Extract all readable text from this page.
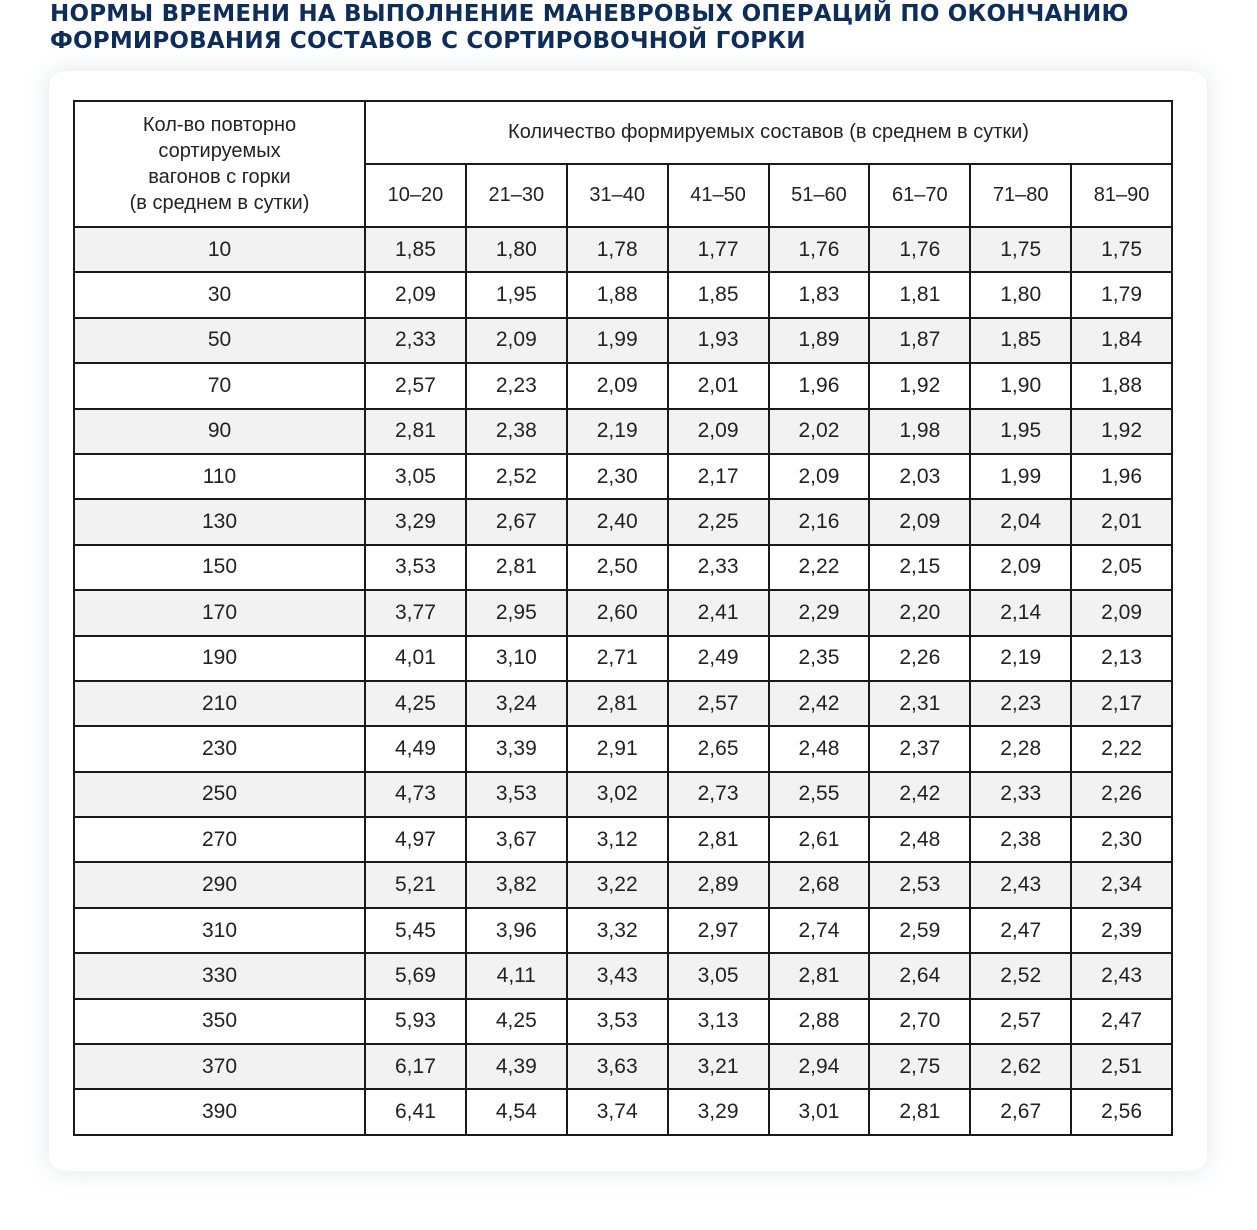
НОРМЫ ВРЕМЕНИ НА ВЫПОЛНЕНИЕ МАНЕВРОВЫХ ОПЕРАЦИЙ ПО ОКОНЧАНИЮ
ФОРМИРОВАНИЯ СОСТАВОВ С СОРТИРОВОЧНОЙ ГОРКИ
Кол-во повторно
сортируемых
вагонов с горки
(в среднем в сутки)	Количество формируемых составов (в среднем в сутки)							
	10–20	21–30	31–40	41–50	51–60	61–70	71–80	81–90
10	1,85	1,80	1,78	1,77	1,76	1,76	1,75	1,75
30	2,09	1,95	1,88	1,85	1,83	1,81	1,80	1,79
50	2,33	2,09	1,99	1,93	1,89	1,87	1,85	1,84
70	2,57	2,23	2,09	2,01	1,96	1,92	1,90	1,88
90	2,81	2,38	2,19	2,09	2,02	1,98	1,95	1,92
110	3,05	2,52	2,30	2,17	2,09	2,03	1,99	1,96
130	3,29	2,67	2,40	2,25	2,16	2,09	2,04	2,01
150	3,53	2,81	2,50	2,33	2,22	2,15	2,09	2,05
170	3,77	2,95	2,60	2,41	2,29	2,20	2,14	2,09
190	4,01	3,10	2,71	2,49	2,35	2,26	2,19	2,13
210	4,25	3,24	2,81	2,57	2,42	2,31	2,23	2,17
230	4,49	3,39	2,91	2,65	2,48	2,37	2,28	2,22
250	4,73	3,53	3,02	2,73	2,55	2,42	2,33	2,26
270	4,97	3,67	3,12	2,81	2,61	2,48	2,38	2,30
290	5,21	3,82	3,22	2,89	2,68	2,53	2,43	2,34
310	5,45	3,96	3,32	2,97	2,74	2,59	2,47	2,39
330	5,69	4,11	3,43	3,05	2,81	2,64	2,52	2,43
350	5,93	4,25	3,53	3,13	2,88	2,70	2,57	2,47
370	6,17	4,39	3,63	3,21	2,94	2,75	2,62	2,51
390	6,41	4,54	3,74	3,29	3,01	2,81	2,67	2,56
